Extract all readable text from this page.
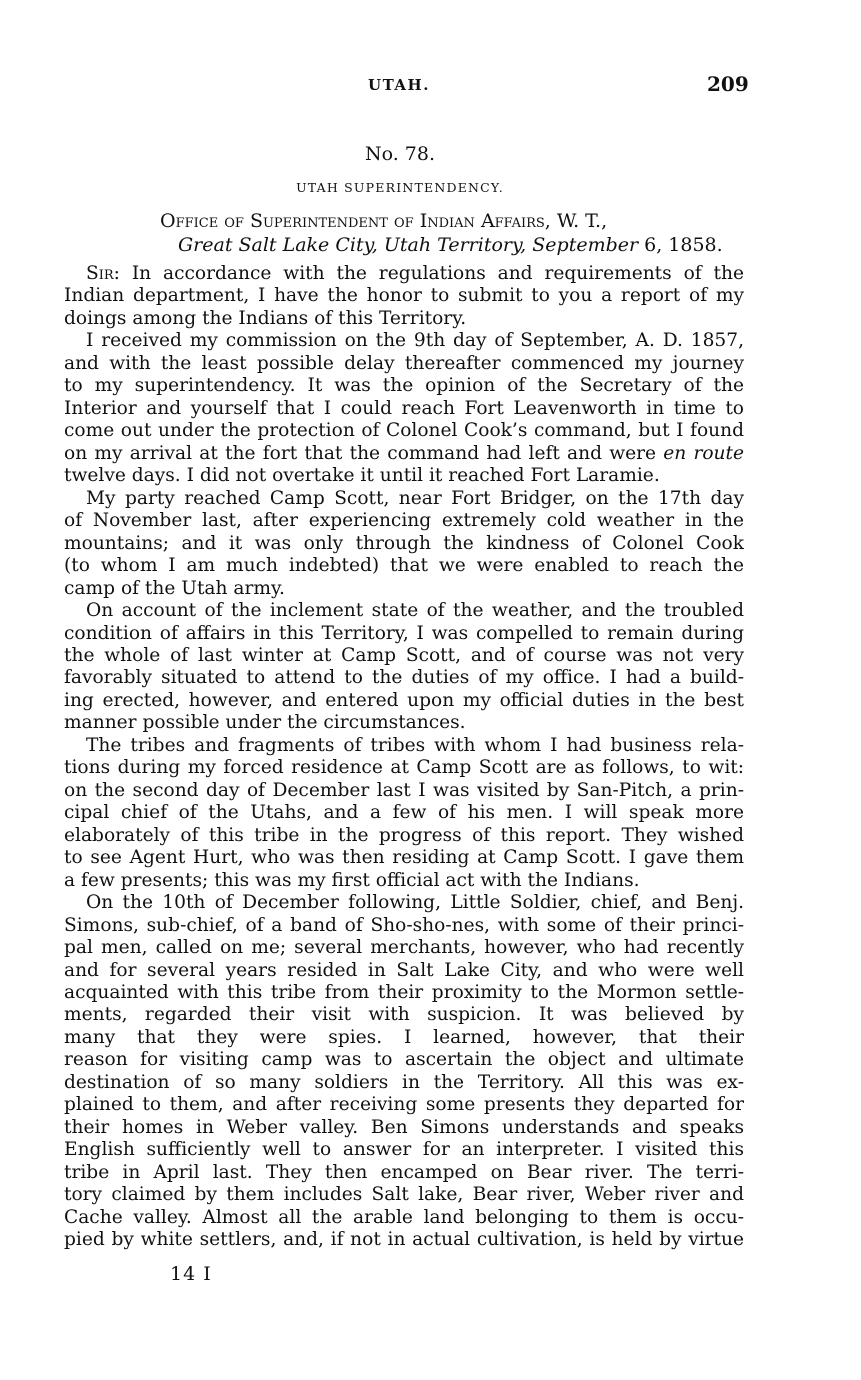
UTAH.	209
No. 78.
UTAH SUPERINTENDENCY.
Office of Superintendent of Indian Affairs, W. T.,
Great Salt Lake City, Utah Territory, September 6, 1858.
Sir: In accordance with the regulations and requirements of the
Indian department, I have the honor to submit to you a report of my
doings among the Indians of this Territory.
I received my commission on the 9th day of September, A. D. 1857,
and with the least possible delay thereafter commenced my journey
to my superintendency. It was the opinion of the Secretary of the
Interior and yourself that I could reach Fort Leavenworth in time to
come out under the protection of Colonel Cook’s command, but I found
on my arrival at the fort that the command had left and were en route
twelve days. I did not overtake it until it reached Fort Laramie.
My party reached Camp Scott, near Fort Bridger, on the 17th day
of November last, after experiencing extremely cold weather in the
mountains; and it was only through the kindness of Colonel Cook
(to whom I am much indebted) that we were enabled to reach the
camp of the Utah army.
On account of the inclement state of the weather, and the troubled
condition of affairs in this Territory, I was compelled to remain during
the whole of last winter at Camp Scott, and of course was not very
favorably situated to attend to the duties of my office. I had a build-
ing erected, however, and entered upon my official duties in the best
manner possible under the circumstances.
The tribes and fragments of tribes with whom I had business rela-
tions during my forced residence at Camp Scott are as follows, to wit:
on the second day of December last I was visited by San-Pitch, a prin-
cipal chief of the Utahs, and a few of his men. I will speak more
elaborately of this tribe in the progress of this report. They wished
to see Agent Hurt, who was then residing at Camp Scott. I gave them
a few presents; this was my first official act with the Indians.
On the 10th of December following, Little Soldier, chief, and Benj.
Simons, sub-chief, of a band of Sho-sho-nes, with some of their princi-
pal men, called on me; several merchants, however, who had recently
and for several years resided in Salt Lake City, and who were well
acquainted with this tribe from their proximity to the Mormon settle-
ments, regarded their visit with suspicion. It was believed by
many that they were spies. I learned, however, that their
reason for visiting camp was to ascertain the object and ultimate
destination of so many soldiers in the Territory. All this was ex-
plained to them, and after receiving some presents they departed for
their homes in Weber valley. Ben Simons understands and speaks
English sufficiently well to answer for an interpreter. I visited this
tribe in April last. They then encamped on Bear river. The terri-
tory claimed by them includes Salt lake, Bear river, Weber river and
Cache valley. Almost all the arable land belonging to them is occu-
pied by white settlers, and, if not in actual cultivation, is held by virtue
14 I
